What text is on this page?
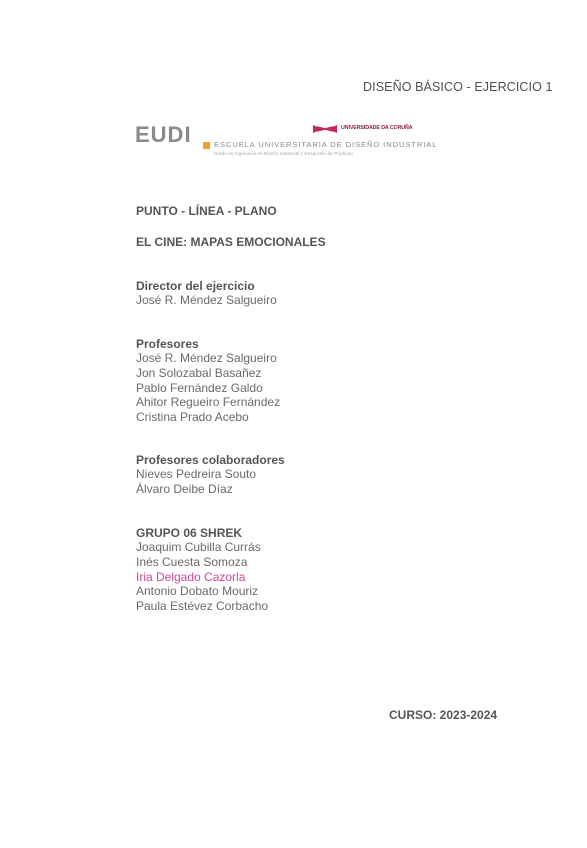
DISEÑO BÁSICO - EJERCICIO 1
EUDI	ESCUELA UNIVERSITARIA DE DISEÑO INDUSTRIAL
Grado en Ingeniería en Diseño Industrial y Desarrollo de Producto
UNIVERSIDADE DA CORUÑA
PUNTO - LÍNEA - PLANO
EL CINE: MAPAS EMOCIONALES
Director del ejercicio
José R. Méndez Salgueiro
Profesores
José R. Méndez Salgueiro
Jon Solozabal Basañez
Pablo Fernández Galdo
Ahitor Regueiro Fernández
Cristina Prado Acebo
Profesores colaboradores
Nieves Pedreira Souto
Álvaro Deibe Díaz
GRUPO 06 SHREK
Joaquim Cubilla Currás
Inés Cuesta Somoza
Iria Delgado Cazorla
Antonio Dobato Mouriz
Paula Estévez Corbacho
CURSO: 2023-2024
